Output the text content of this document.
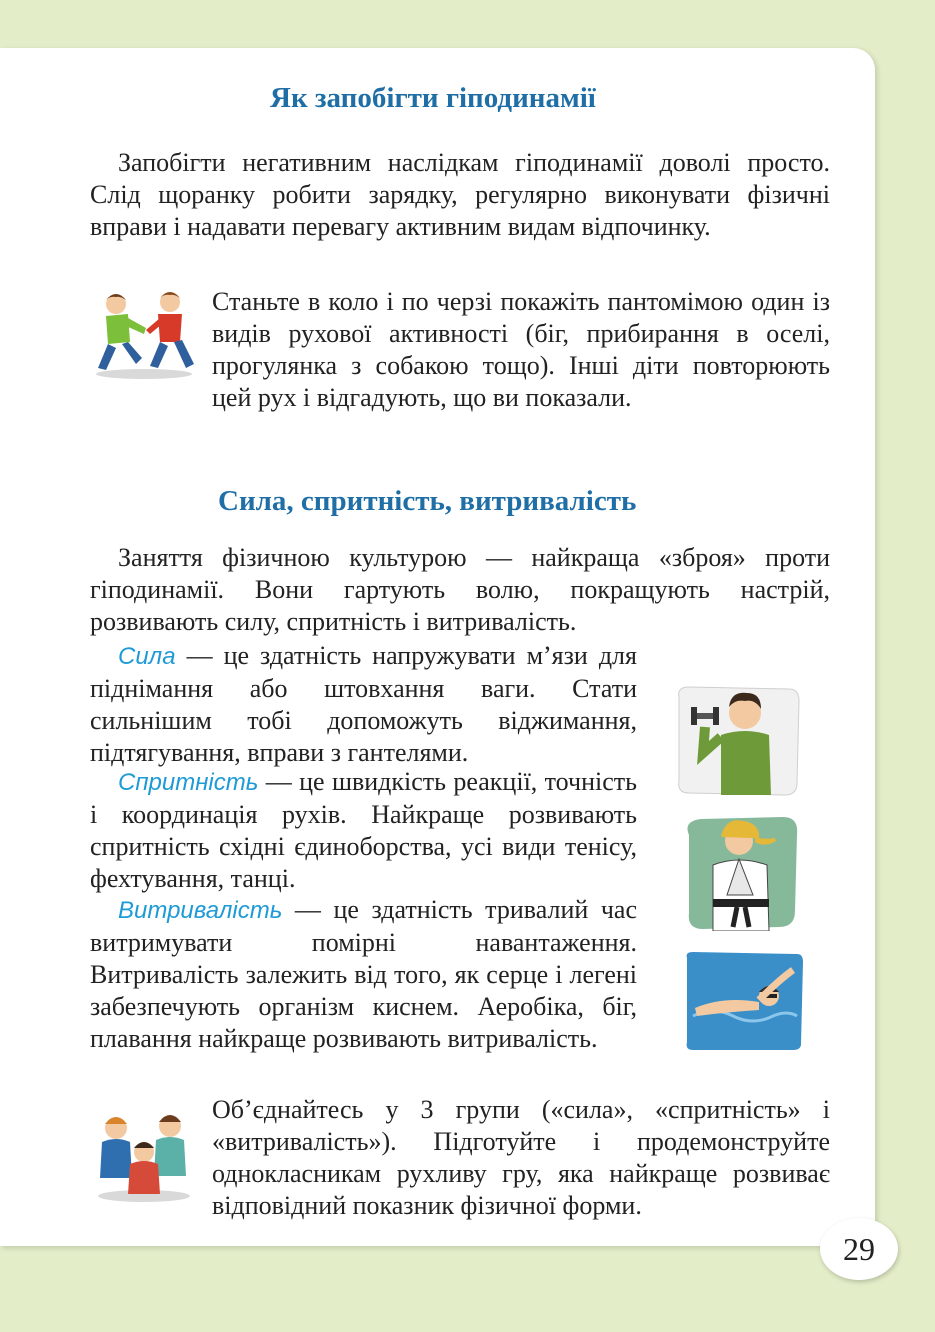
Як запобігти гіподинамії

Запобігти негативним наслідкам гіподинамії доволі просто. Слід щоранку робити зарядку, регулярно виконувати фізичні вправи і надавати перевагу активним видам відпочинку.

Станьте в коло і по черзі покажіть пантомімою один із видів рухової активності (біг, прибирання в оселі, прогулянка з собакою тощо). Інші діти повторюють цей рух і відгадують, що ви показали.

Сила, спритність, витривалість

Заняття фізичною культурою — найкраща «зброя» проти гіподинамії. Вони гартують волю, покращують настрій, розвивають силу, спритність і витривалість.

Сила — це здатність напружувати м’язи для піднімання або штовхання ваги. Стати сильнішим тобі допоможуть віджимання, підтягування, вправи з гантелями.

Спритність — це швидкість реакції, точність і координація рухів. Найкраще розвивають спритність східні єдиноборства, усі види тенісу, фехтування, танці.

Витривалість — це здатність тривалий час витримувати помірні навантаження. Витривалість залежить від того, як серце і легені забезпечують організм киснем. Аеробіка, біг, плавання найкраще розвивають витривалість.

Об’єднайтесь у 3 групи («сила», «спритність» і «витривалість»). Підготуйте і продемонструйте однокласникам рухливу гру, яка найкраще розвиває відповідний показник фізичної форми.

29
